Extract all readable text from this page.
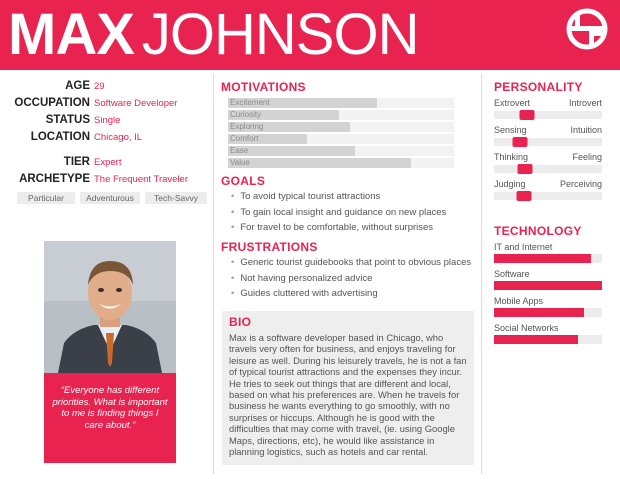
MAX JOHNSON
AGE 29
OCCUPATION Software Developer
STATUS Single
LOCATION Chicago, IL
TIER Expert
ARCHETYPE The Frequent Traveler
Particular	Adventurous	Tech-Savvy
“Everyone has different priorities. What is important to me is finding things I care about.”
MOTIVATIONS
Excitement
Curiosity
Exploring
Comfort
Ease
Value
GOALS
• To avoid typical tourist attractions
• To gain local insight and guidance on new places
• For travel to be comfortable, without surprises
FRUSTRATIONS
• Generic tourist guidebooks that point to obvious places
• Not having personalized advice
• Guides cluttered with advertising
BIO
Max is a software developer based in Chicago, who travels very often for business, and enjoys traveling for leisure as well. During his leisurely travels, he is not a fan of typical tourist attractions and the expenses they incur. He tries to seek out things that are different and local, based on what his preferences are. When he travels for business he wants everything to go smoothly, with no surprises or hiccups. Although he is good with the difficulties that may come with travel, (ie. using Google Maps, directions, etc), he would like assistance in planning logistics, such as hotels and car rental.
PERSONALITY
Extrovert	Introvert
Sensing	Intuition
Thinking	Feeling
Judging	Perceiving
TECHNOLOGY
IT and Internet
Software
Mobile Apps
Social Networks
